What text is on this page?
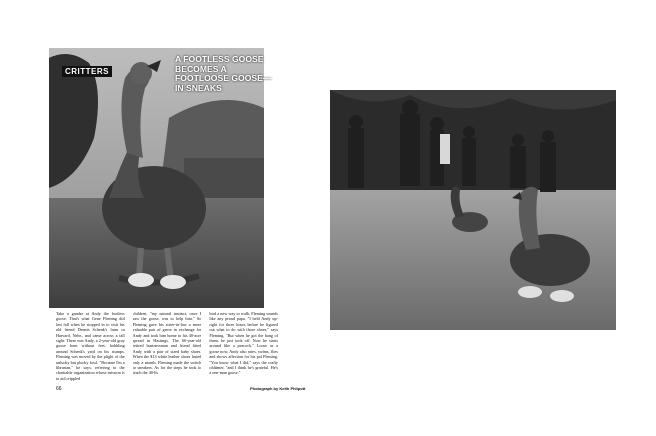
CRITTERS
A FOOTLESS GOOSE BECOMES A FOOTLOOSE GOOSE—IN SNEAKS
Take a gander at Andy the footless goose. That's what Gene Fleming did last fall when he stopped in to visit his old friend Dennis Schenk's farm in Harvard, Nebr., and came across a tall sight. There was Andy, a 2-year-old gray goose born without feet, hobbling around Schenk's yard on his stumps. Fleming was moved by the plight of the unlucky but plucky fowl. "Because I'm a librarian," he says, referring to the charitable organization whose mission is to aid crippled
children, "my natural instinct, once I saw the goose, was to help him." So Fleming gave his sister-in-law a more valuable pair of geese in exchange for Andy and took him home to his 40-acre spread in Hastings. The 66-year-old retired businessman and friend fitted Andy with a pair of sized baby shoes. When the $13 white leather shoes lasted only a month, Fleming made the switch to sneakers. As for the steps he took to teach the 40-lb.
bird a new way to walk, Fleming sounds like any proud papa. "I held Andy up-right for three hours before he figured out what to do with those shoes," says Fleming. "But when he got the hang of them, he just took off. Now he struts around like a peacock." Loose as a goose now, Andy also rates, swims, flies and shows affection for his pal Fleming. "You know what I did," says the crafty oldtimer, "and I think he's grateful. He's a one-man goose."
66	Photograph by Keith Philpott
